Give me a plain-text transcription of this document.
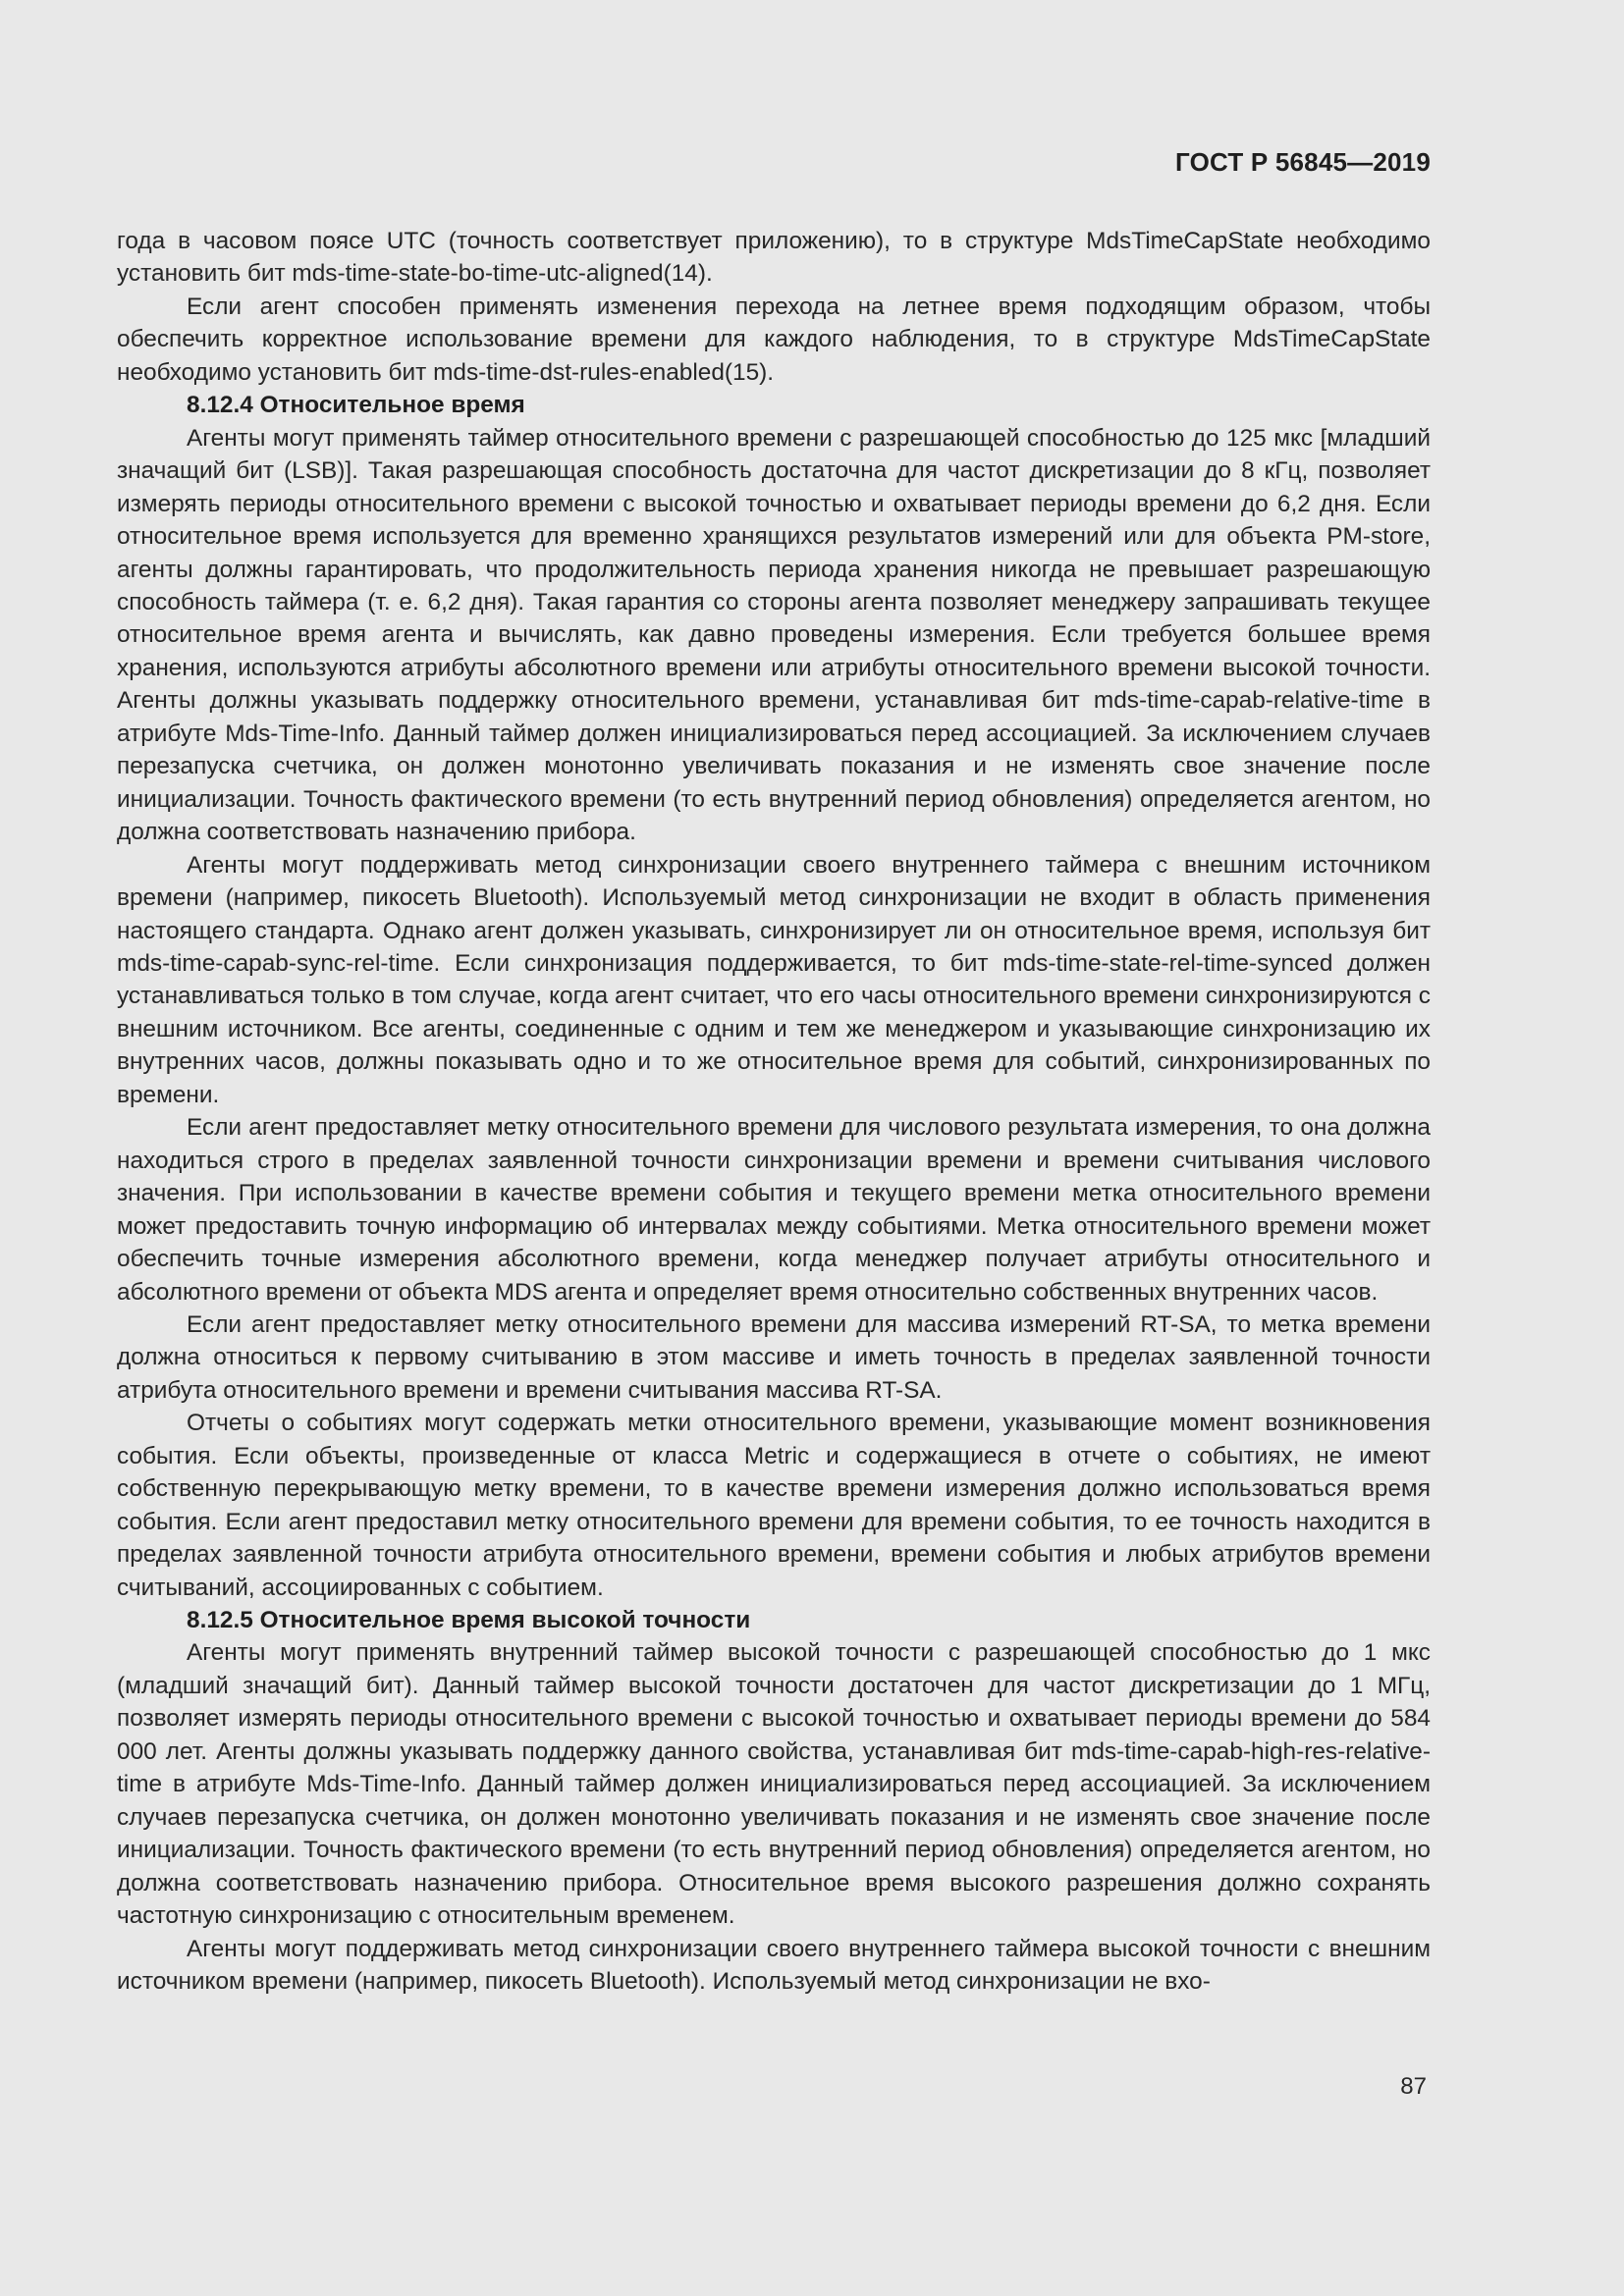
ГОСТ Р 56845—2019

года в часовом поясе UTC (точность соответствует приложению), то в структуре MdsTimeCapState необходимо установить бит mds-time-state-bo-time-utc-aligned(14).

Если агент способен применять изменения перехода на летнее время подходящим образом, чтобы обеспечить корректное использование времени для каждого наблюдения, то в структуре MdsTimeCapState необходимо установить бит mds-time-dst-rules-enabled(15).

8.12.4 Относительное время

Агенты могут применять таймер относительного времени с разрешающей способностью до 125 мкс [младший значащий бит (LSB)]. Такая разрешающая способность достаточна для частот дискретизации до 8 кГц, позволяет измерять периоды относительного времени с высокой точностью и охватывает периоды времени до 6,2 дня. Если относительное время используется для временно хранящихся результатов измерений или для объекта PM-store, агенты должны гарантировать, что продолжительность периода хранения никогда не превышает разрешающую способность таймера (т. е. 6,2 дня). Такая гарантия со стороны агента позволяет менеджеру запрашивать текущее относительное время агента и вычислять, как давно проведены измерения. Если требуется большее время хранения, используются атрибуты абсолютного времени или атрибуты относительного времени высокой точности. Агенты должны указывать поддержку относительного времени, устанавливая бит mds-time-capab-relative-time в атрибуте Mds-Time-Info. Данный таймер должен инициализироваться перед ассоциацией. За исключением случаев перезапуска счетчика, он должен монотонно увеличивать показания и не изменять свое значение после инициализации. Точность фактического времени (то есть внутренний период обновления) определяется агентом, но должна соответствовать назначению прибора.

Агенты могут поддерживать метод синхронизации своего внутреннего таймера с внешним источником времени (например, пикосеть Bluetooth). Используемый метод синхронизации не входит в область применения настоящего стандарта. Однако агент должен указывать, синхронизирует ли он относительное время, используя бит mds-time-capab-sync-rel-time. Если синхронизация поддерживается, то бит mds-time-state-rel-time-synced должен устанавливаться только в том случае, когда агент считает, что его часы относительного времени синхронизируются с внешним источником. Все агенты, соединенные с одним и тем же менеджером и указывающие синхронизацию их внутренних часов, должны показывать одно и то же относительное время для событий, синхронизированных по времени.

Если агент предоставляет метку относительного времени для числового результата измерения, то она должна находиться строго в пределах заявленной точности синхронизации времени и времени считывания числового значения. При использовании в качестве времени события и текущего времени метка относительного времени может предоставить точную информацию об интервалах между событиями. Метка относительного времени может обеспечить точные измерения абсолютного времени, когда менеджер получает атрибуты относительного и абсолютного времени от объекта MDS агента и определяет время относительно собственных внутренних часов.

Если агент предоставляет метку относительного времени для массива измерений RT-SA, то метка времени должна относиться к первому считыванию в этом массиве и иметь точность в пределах заявленной точности атрибута относительного времени и времени считывания массива RT-SA.

Отчеты о событиях могут содержать метки относительного времени, указывающие момент возникновения события. Если объекты, произведенные от класса Metric и содержащиеся в отчете о событиях, не имеют собственную перекрывающую метку времени, то в качестве времени измерения должно использоваться время события. Если агент предоставил метку относительного времени для времени события, то ее точность находится в пределах заявленной точности атрибута относительного времени, времени события и любых атрибутов времени считываний, ассоциированных с событием.

8.12.5 Относительное время высокой точности

Агенты могут применять внутренний таймер высокой точности с разрешающей способностью до 1 мкс (младший значащий бит). Данный таймер высокой точности достаточен для частот дискретизации до 1 МГц, позволяет измерять периоды относительного времени с высокой точностью и охватывает периоды времени до 584 000 лет. Агенты должны указывать поддержку данного свойства, устанавливая бит mds-time-capab-high-res-relative-time в атрибуте Mds-Time-Info. Данный таймер должен инициализироваться перед ассоциацией. За исключением случаев перезапуска счетчика, он должен монотонно увеличивать показания и не изменять свое значение после инициализации. Точность фактического времени (то есть внутренний период обновления) определяется агентом, но должна соответствовать назначению прибора. Относительное время высокого разрешения должно сохранять частотную синхронизацию с относительным временем.

Агенты могут поддерживать метод синхронизации своего внутреннего таймера высокой точности с внешним источником времени (например, пикосеть Bluetooth). Используемый метод синхронизации не вхо-

87
